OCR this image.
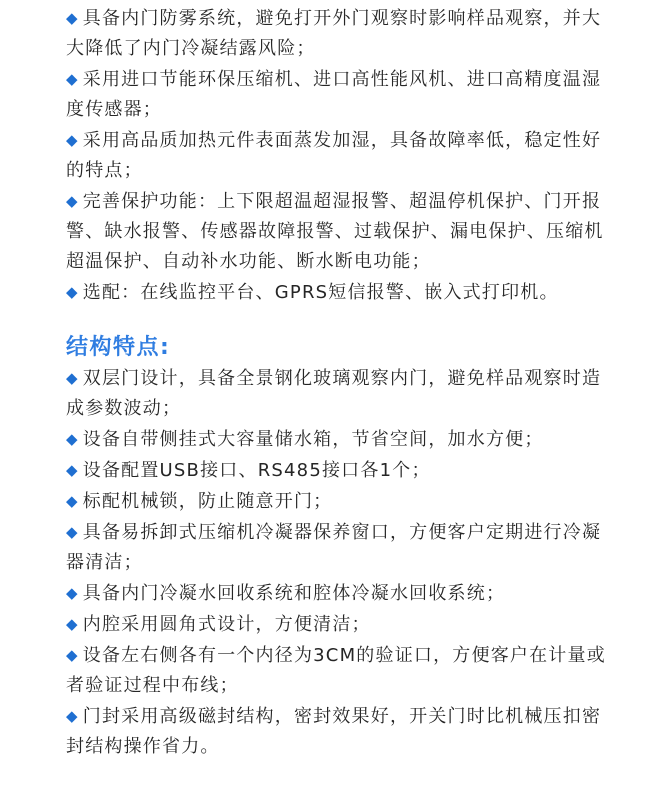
◆ 具备内门防雾系统，避免打开外门观察时影响样品观察，并大大降低了内门冷凝结露风险；

◆ 采用进口节能环保压缩机、进口高性能风机、进口高精度温湿度传感器；

◆ 采用高品质加热元件表面蒸发加湿，具备故障率低，稳定性好的特点；

◆ 完善保护功能：上下限超温超湿报警、超温停机保护、门开报警、缺水报警、传感器故障报警、过载保护、漏电保护、压缩机超温保护、自动补水功能、断水断电功能；

◆ 选配：在线监控平台、GPRS短信报警、嵌入式打印机。

结构特点:

◆ 双层门设计，具备全景钢化玻璃观察内门，避免样品观察时造成参数波动；

◆ 设备自带侧挂式大容量储水箱，节省空间，加水方便；

◆ 设备配置USB接口、RS485接口各1个；

◆ 标配机械锁，防止随意开门；

◆ 具备易拆卸式压缩机冷凝器保养窗口，方便客户定期进行冷凝器清洁；

◆ 具备内门冷凝水回收系统和腔体冷凝水回收系统；

◆ 内腔采用圆角式设计，方便清洁；

◆ 设备左右侧各有一个内径为3CM的验证口，方便客户在计量或者验证过程中布线；

◆ 门封采用高级磁封结构，密封效果好，开关门时比机械压扣密封结构操作省力。
